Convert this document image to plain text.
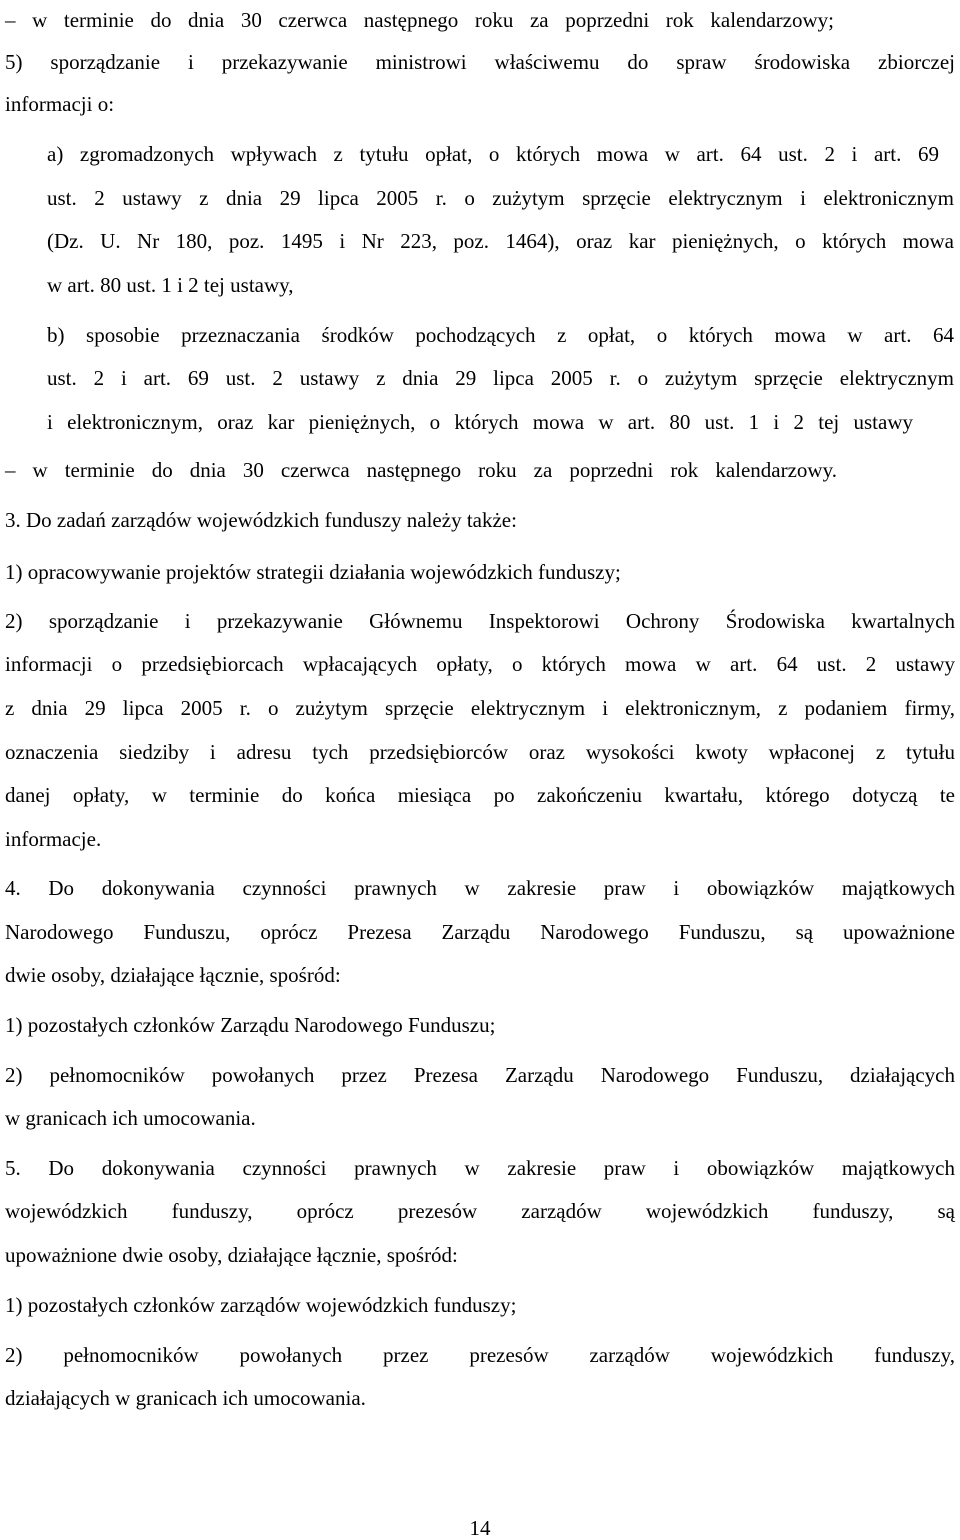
– w terminie do dnia 30 czerwca następnego roku za poprzedni rok kalendarzowy;
5) sporządzanie i przekazywanie ministrowi właściwemu do spraw środowiska zbiorczej
informacji o:
a) zgromadzonych wpływach z tytułu opłat, o których mowa w art. 64 ust. 2 i art. 69
ust. 2 ustawy z dnia 29 lipca 2005 r. o zużytym sprzęcie elektrycznym i elektronicznym
(Dz. U. Nr 180, poz. 1495 i Nr 223, poz. 1464), oraz kar pieniężnych, o których mowa
w art. 80 ust. 1 i 2 tej ustawy,
b) sposobie przeznaczania środków pochodzących z opłat, o których mowa w art. 64
ust. 2 i art. 69 ust. 2 ustawy z dnia 29 lipca 2005 r. o zużytym sprzęcie elektrycznym
i elektronicznym, oraz kar pieniężnych, o których mowa w art. 80 ust. 1 i 2 tej ustawy
– w terminie do dnia 30 czerwca następnego roku za poprzedni rok kalendarzowy.
3. Do zadań zarządów wojewódzkich funduszy należy także:
1) opracowywanie projektów strategii działania wojewódzkich funduszy;
2) sporządzanie i przekazywanie Głównemu Inspektorowi Ochrony Środowiska kwartalnych
informacji o przedsiębiorcach wpłacających opłaty, o których mowa w art. 64 ust. 2 ustawy
z dnia 29 lipca 2005 r. o zużytym sprzęcie elektrycznym i elektronicznym, z podaniem firmy,
oznaczenia siedziby i adresu tych przedsiębiorców oraz wysokości kwoty wpłaconej z tytułu
danej opłaty, w terminie do końca miesiąca po zakończeniu kwartału, którego dotyczą te
informacje.
4. Do dokonywania czynności prawnych w zakresie praw i obowiązków majątkowych
Narodowego Funduszu, oprócz Prezesa Zarządu Narodowego Funduszu, są upoważnione
dwie osoby, działające łącznie, spośród:
1) pozostałych członków Zarządu Narodowego Funduszu;
2) pełnomocników powołanych przez Prezesa Zarządu Narodowego Funduszu, działających
w granicach ich umocowania.
5. Do dokonywania czynności prawnych w zakresie praw i obowiązków majątkowych
wojewódzkich funduszy, oprócz prezesów zarządów wojewódzkich funduszy, są
upoważnione dwie osoby, działające łącznie, spośród:
1) pozostałych członków zarządów wojewódzkich funduszy;
2) pełnomocników powołanych przez prezesów zarządów wojewódzkich funduszy,
działających w granicach ich umocowania.
14
